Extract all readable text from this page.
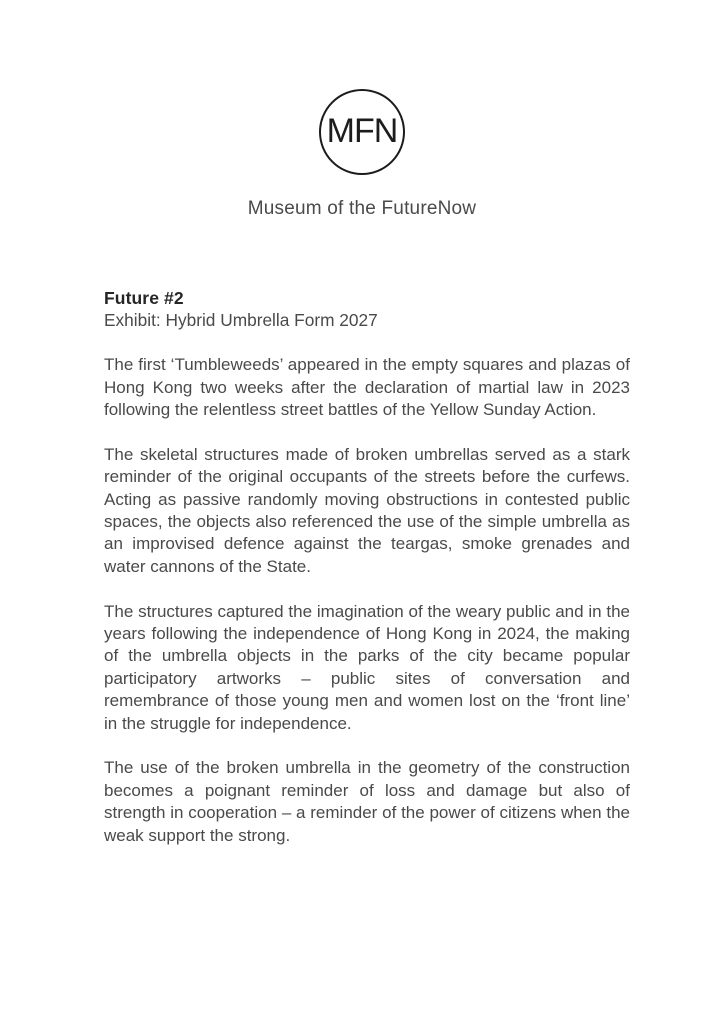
MFN
Museum of the FutureNow
Future #2
Exhibit: Hybrid Umbrella Form 2027

The first ‘Tumbleweeds’ appeared in the empty squares and plazas of Hong Kong two weeks after the declaration of martial law in 2023 following the relentless street battles of the Yellow Sunday Action.

The skeletal structures made of broken umbrellas served as a stark reminder of the original occupants of the streets before the curfews. Acting as passive randomly moving obstructions in contested public spaces, the objects also referenced the use of the simple umbrella as an improvised defence against the teargas, smoke grenades and water cannons of the State.

The structures captured the imagination of the weary public and in the years following the independence of Hong Kong in 2024, the making of the umbrella objects in the parks of the city became popular participatory artworks – public sites of conversation and remembrance of those young men and women lost on the ‘front line’ in the struggle for independence.

The use of the broken umbrella in the geometry of the construction becomes a poignant reminder of loss and damage but also of strength in cooperation – a reminder of the power of citizens when the weak support the strong.
